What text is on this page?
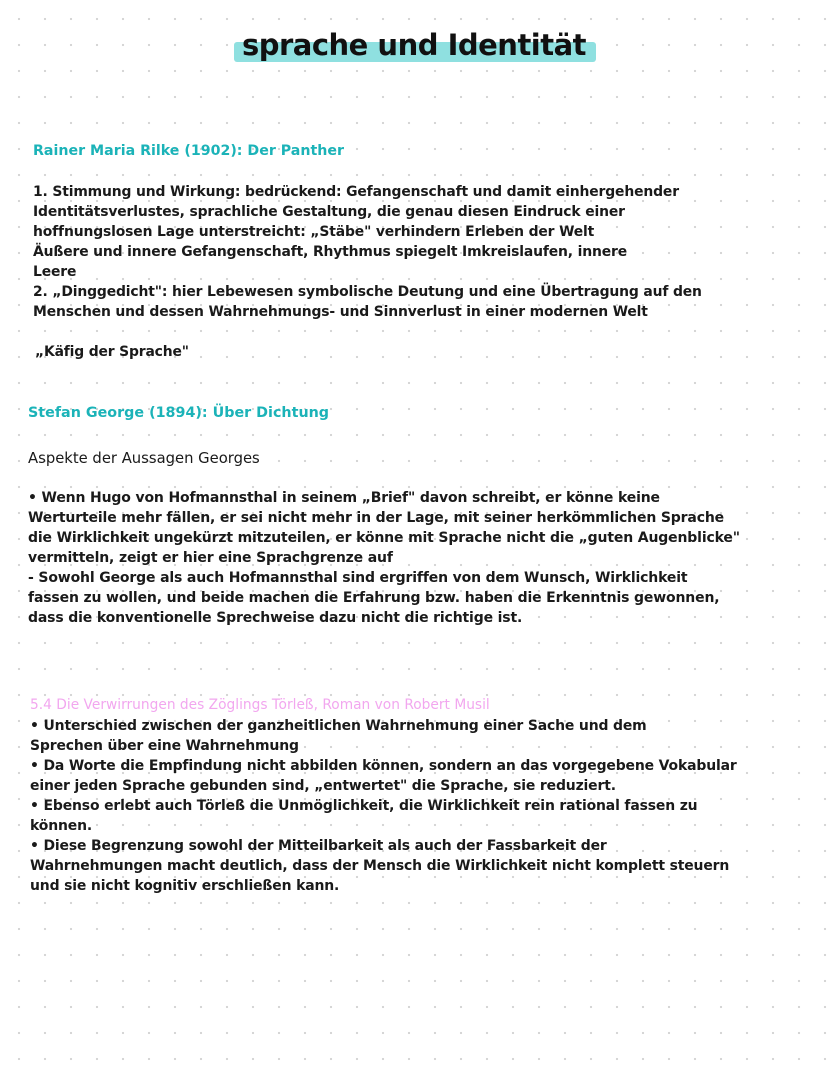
sprache und Identität
Rainer Maria Rilke (1902): Der Panther
1. Stimmung und Wirkung: bedrückend: Gefangenschaft und damit einhergehender
Identitätsverlustes, sprachliche Gestaltung, die genau diesen Eindruck einer
hoffnungslosen Lage unterstreicht: „Stäbe" verhindern Erleben der Welt
Äußere und innere Gefangenschaft, Rhythmus spiegelt Imkreislaufen, innere
Leere
2. „Dinggedicht": hier Lebewesen symbolische Deutung und eine Übertragung auf den
Menschen und dessen Wahrnehmungs- und Sinnverlust in einer modernen Welt
„Käfig der Sprache"
Stefan George (1894): Über Dichtung
Aspekte der Aussagen Georges
• Wenn Hugo von Hofmannsthal in seinem „Brief" davon schreibt, er könne keine
Werturteile mehr fällen, er sei nicht mehr in der Lage, mit seiner herkömmlichen Sprache
die Wirklichkeit ungekürzt mitzuteilen, er könne mit Sprache nicht die „guten Augenblicke"
vermitteln, zeigt er hier eine Sprachgrenze auf
- Sowohl George als auch Hofmannsthal sind ergriffen von dem Wunsch, Wirklichkeit
fassen zu wollen, und beide machen die Erfahrung bzw. haben die Erkenntnis gewonnen,
dass die konventionelle Sprechweise dazu nicht die richtige ist.
5.4 Die Verwirrungen des Zöglings Törleß, Roman von Robert Musil
• Unterschied zwischen der ganzheitlichen Wahrnehmung einer Sache und dem
Sprechen über eine Wahrnehmung
• Da Worte die Empfindung nicht abbilden können, sondern an das vorgegebene Vokabular
einer jeden Sprache gebunden sind, „entwertet" die Sprache, sie reduziert.
• Ebenso erlebt auch Törleß die Unmöglichkeit, die Wirklichkeit rein rational fassen zu
können.
• Diese Begrenzung sowohl der Mitteilbarkeit als auch der Fassbarkeit der
Wahrnehmungen macht deutlich, dass der Mensch die Wirklichkeit nicht komplett steuern
und sie nicht kognitiv erschließen kann.
